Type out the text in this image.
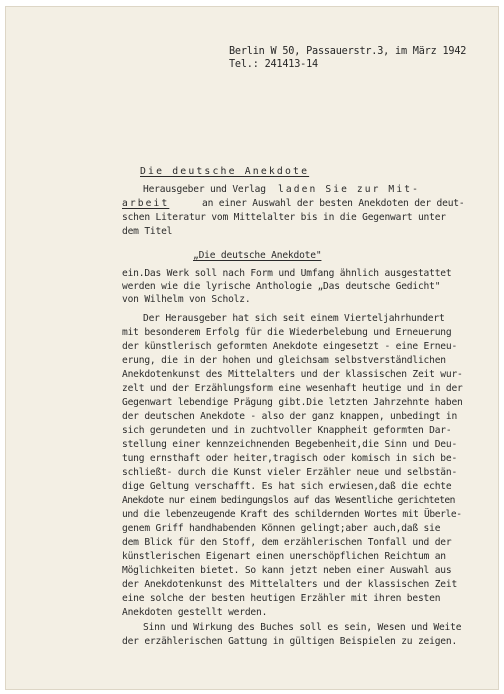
Berlin W 50, Passauerstr.3, im März 1942
Tel.: 241413-14
Die deutsche Anekdote
Herausgeber und Verlag laden Sie zur Mit-
arbeit	an einer Auswahl der besten Anekdoten der deut-
schen Literatur vom Mittelalter bis in die Gegenwart unter
dem Titel
„Die deutsche Anekdote"
ein.Das Werk soll nach Form und Umfang ähnlich ausgestattet
werden wie die lyrische Anthologie „Das deutsche Gedicht"
von Wilhelm von Scholz.
Der Herausgeber hat sich seit einem Vierteljahrhundert
mit besonderem Erfolg für die Wiederbelebung und Erneuerung
der künstlerisch geformten Anekdote eingesetzt - eine Erneu-
erung, die in der hohen und gleichsam selbstverständlichen
Anekdotenkunst des Mittelalters und der klassischen Zeit wur-
zelt und der Erzählungsform eine wesenhaft heutige und in der
Gegenwart lebendige Prägung gibt.Die letzten Jahrzehnte haben
der deutschen Anekdote - also der ganz knappen, unbedingt in
sich gerundeten und in zuchtvoller Knappheit geformten Dar-
stellung einer kennzeichnenden Begebenheit,die Sinn und Deu-
tung ernsthaft oder heiter,tragisch oder komisch in sich be-
schließt- durch die Kunst vieler Erzähler neue und selbstän-
dige Geltung verschafft. Es hat sich erwiesen,daß die echte
Anekdote nur einem bedingungslos auf das Wesentliche gerichteten
und die lebenzeugende Kraft des schildernden Wortes mit Überle-
genem Griff handhabenden Können gelingt;aber auch,daß sie
dem Blick für den Stoff, dem erzählerischen Tonfall und der
künstlerischen Eigenart einen unerschöpflichen Reichtum an
Möglichkeiten bietet. So kann jetzt neben einer Auswahl aus
der Anekdotenkunst des Mittelalters und der klassischen Zeit
eine solche der besten heutigen Erzähler mit ihren besten
Anekdoten gestellt werden.
Sinn und Wirkung des Buches soll es sein, Wesen und Weite
der erzählerischen Gattung in gültigen Beispielen zu zeigen.
